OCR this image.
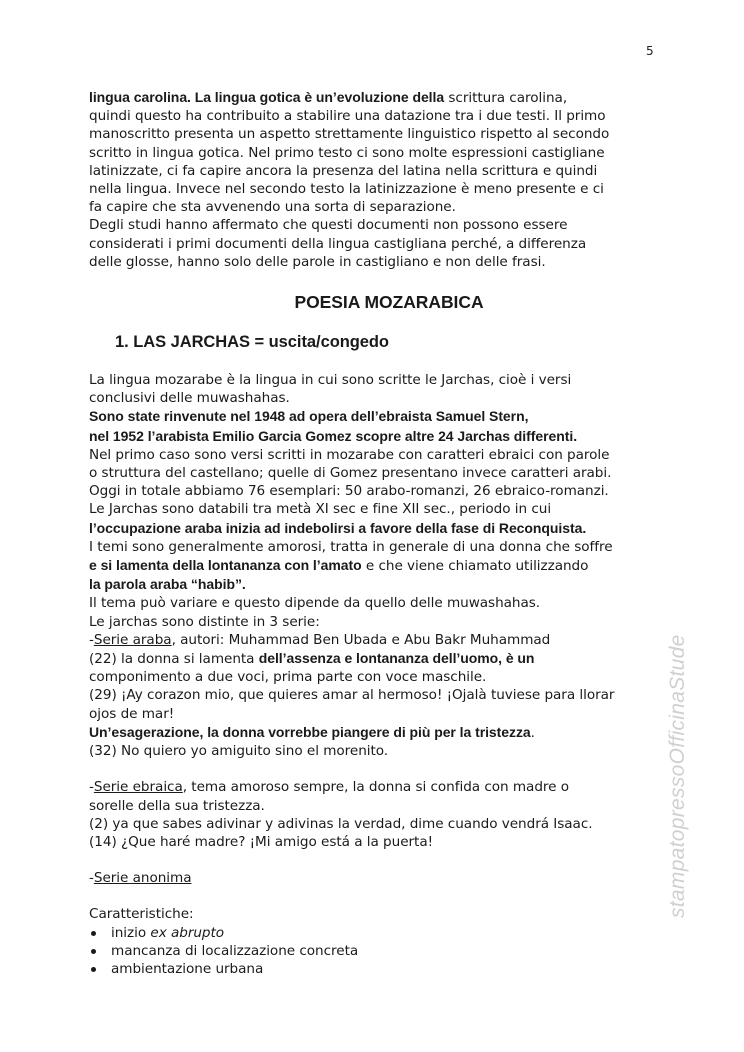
5

lingua carolina. La lingua gotica è un’evoluzione della scrittura carolina,

quindi questo ha contribuito a stabilire una datazione tra i due testi. Il primo

manoscritto presenta un aspetto strettamente linguistico rispetto al secondo

scritto in lingua gotica. Nel primo testo ci sono molte espressioni castigliane

latinizzate, ci fa capire ancora la presenza del latina nella scrittura e quindi

nella lingua. Invece nel secondo testo la latinizzazione è meno presente e ci

fa capire che sta avvenendo una sorta di separazione.

Degli studi hanno affermato che questi documenti non possono essere

considerati i primi documenti della lingua castigliana perché, a differenza

delle glosse, hanno solo delle parole in castigliano e non delle frasi.

POESIA MOZARABICA
1. LAS JARCHAS = uscita/congedo

La lingua mozarabe è la lingua in cui sono scritte le Jarchas, cioè i versi

conclusivi delle muwashahas.

Sono state rinvenute nel 1948 ad opera dell’ebraista Samuel Stern,

nel 1952 l’arabista Emilio Garcia Gomez scopre altre 24 Jarchas differenti.

Nel primo caso sono versi scritti in mozarabe con caratteri ebraici con parole

o struttura del castellano; quelle di Gomez presentano invece caratteri arabi.

Oggi in totale abbiamo 76 esemplari: 50 arabo-romanzi, 26 ebraico-romanzi.

Le Jarchas sono databili tra metà XI sec e fine XII sec., periodo in cui

l’occupazione araba inizia ad indebolirsi a favore della fase di Reconquista.

I temi sono generalmente amorosi, tratta in generale di una donna che soffre

e si lamenta della lontananza con l’amato e che viene chiamato utilizzando

la parola araba “habib”.

Il tema può variare e questo dipende da quello delle muwashahas.

Le jarchas sono distinte in 3 serie:

-Serie araba, autori: Muhammad Ben Ubada e Abu Bakr Muhammad

(22) la donna si lamenta dell’assenza e lontananza dell’uomo, è un

componimento a due voci, prima parte con voce maschile.

(29) ¡Ay corazon mio, que quieres amar al hermoso! ¡Ojalà tuviese para llorar

ojos de mar!

Un’esagerazione, la donna vorrebbe piangere di più per la tristezza.

(32) No quiero yo amiguito sino el morenito.

-Serie ebraica, tema amoroso sempre, la donna si confida con madre o

sorelle della sua tristezza.

(2) ya que sabes adivinar y adivinas la verdad, dime cuando vendrá Isaac.

(14) ¿Que haré madre? ¡Mi amigo está a la puerta!

-Serie anonima

Caratteristiche:

inizio ex abrupto
mancanza di localizzazione concreta
ambientazione urbana
stampatopressoOfficinaStude
